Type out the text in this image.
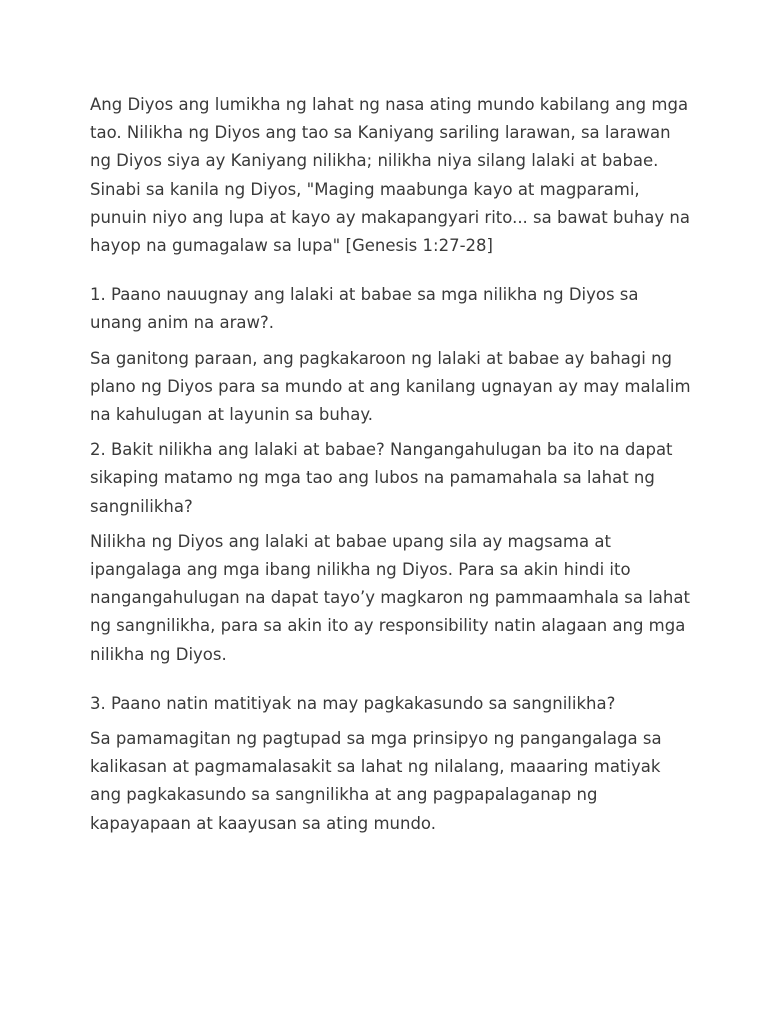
Ang Diyos ang lumikha ng lahat ng nasa ating mundo kabilang ang mga
tao. Nilikha ng Diyos ang tao sa Kaniyang sariling larawan, sa larawan
ng Diyos siya ay Kaniyang nilikha; nilikha niya silang lalaki at babae.
Sinabi sa kanila ng Diyos, "Maging maabunga kayo at magparami,
punuin niyo ang lupa at kayo ay makapangyari rito... sa bawat buhay na
hayop na gumagalaw sa lupa" [Genesis 1:27-28]

1. Paano nauugnay ang lalaki at babae sa mga nilikha ng Diyos sa
unang anim na araw?.

Sa ganitong paraan, ang pagkakaroon ng lalaki at babae ay bahagi ng
plano ng Diyos para sa mundo at ang kanilang ugnayan ay may malalim
na kahulugan at layunin sa buhay.

2. Bakit nilikha ang lalaki at babae? Nangangahulugan ba ito na dapat
sikaping matamo ng mga tao ang lubos na pamamahala sa lahat ng
sangnilikha?

Nilikha ng Diyos ang lalaki at babae upang sila ay magsama at
ipangalaga ang mga ibang nilikha ng Diyos. Para sa akin hindi ito
nangangahulugan na dapat tayo’y magkaron ng pammaamhala sa lahat
ng sangnilikha, para sa akin ito ay responsibility natin alagaan ang mga
nilikha ng Diyos.

3. Paano natin matitiyak na may pagkakasundo sa sangnilikha?

Sa pamamagitan ng pagtupad sa mga prinsipyo ng pangangalaga sa
kalikasan at pagmamalasakit sa lahat ng nilalang, maaaring matiyak
ang pagkakasundo sa sangnilikha at ang pagpapalaganap ng
kapayapaan at kaayusan sa ating mundo.
